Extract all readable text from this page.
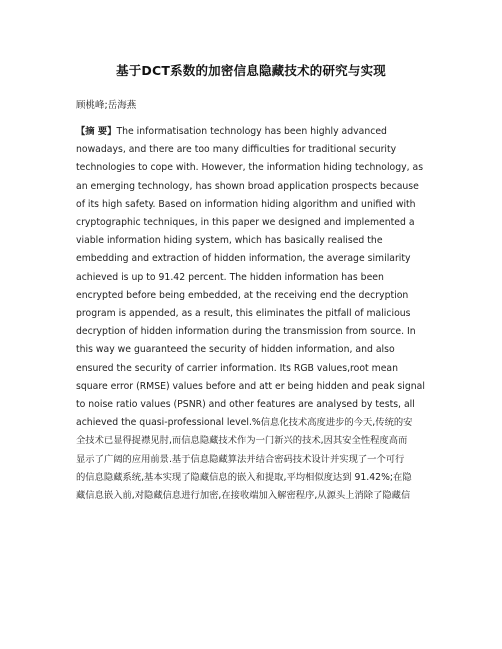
基于DCT系数的加密信息隐藏技术的研究与实现
顾桃峰;岳海燕
【摘 要】The informatisation technology has been highly advanced
nowadays, and there are too many difficulties for traditional security
technologies to cope with. However, the information hiding technology, as
an emerging technology, has shown broad application prospects because
of its high safety. Based on information hiding algorithm and unified with
cryptographic techniques, in this paper we designed and implemented a
viable information hiding system, which has basically realised the
embedding and extraction of hidden information, the average similarity
achieved is up to 91.42 percent. The hidden information has been
encrypted before being embedded, at the receiving end the decryption
program is appended, as a result, this eliminates the pitfall of malicious
decryption of hidden information during the transmission from source. In
this way we guaranteed the security of hidden information, and also
ensured the security of carrier information. Its RGB values,root mean
square error (RMSE) values before and att er being hidden and peak signal
to noise ratio values (PSNR) and other features are analysed by tests, all
achieved the quasi-professional level.%信息化技术高度进步的今天,传统的安
全技术已显得捉襟见肘,而信息隐藏技术作为一门新兴的技术,因其安全性程度高而
显示了广阔的应用前景.基于信息隐藏算法并结合密码技术设计并实现了一个可行
的信息隐藏系统,基本实现了隐藏信息的嵌入和提取,平均相似度达到 91.42%;在隐
藏信息嵌入前,对隐藏信息进行加密,在接收端加入解密程序,从源头上消除了隐藏信
